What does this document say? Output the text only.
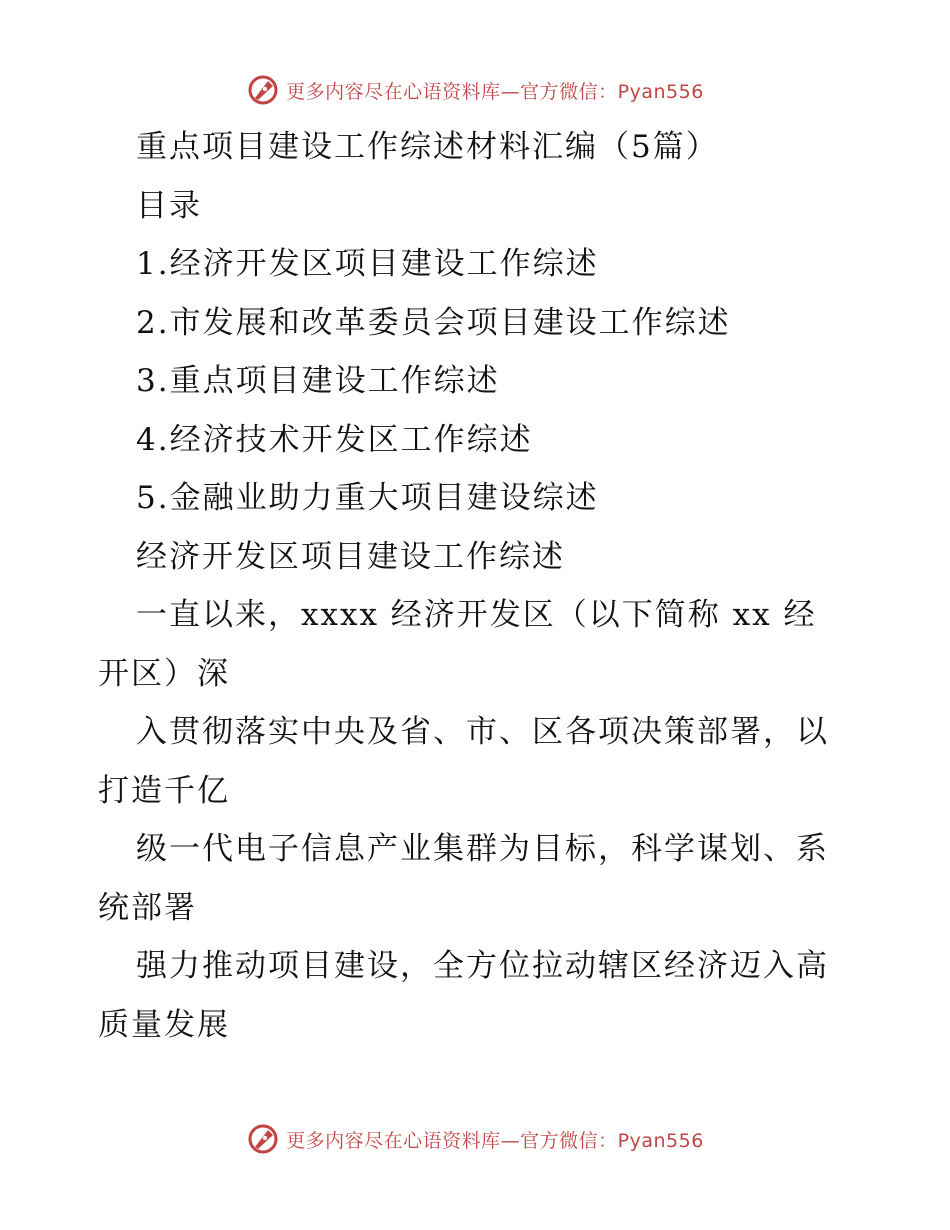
更多内容尽在心语资料库—官方微信：Pyan556
重点项目建设工作综述材料汇编（5篇）
目录
1.经济开发区项目建设工作综述
2.市发展和改革委员会项目建设工作综述
3.重点项目建设工作综述
4.经济技术开发区工作综述
5.金融业助力重大项目建设综述
经济开发区项目建设工作综述
一直以来，xxxx 经济开发区（以下简称 xx 经
开区）深
入贯彻落实中央及省、市、区各项决策部署，以
打造千亿
级一代电子信息产业集群为目标，科学谋划、系
统部署
强力推动项目建设，全方位拉动辖区经济迈入高
质量发展
更多内容尽在心语资料库—官方微信：Pyan556
